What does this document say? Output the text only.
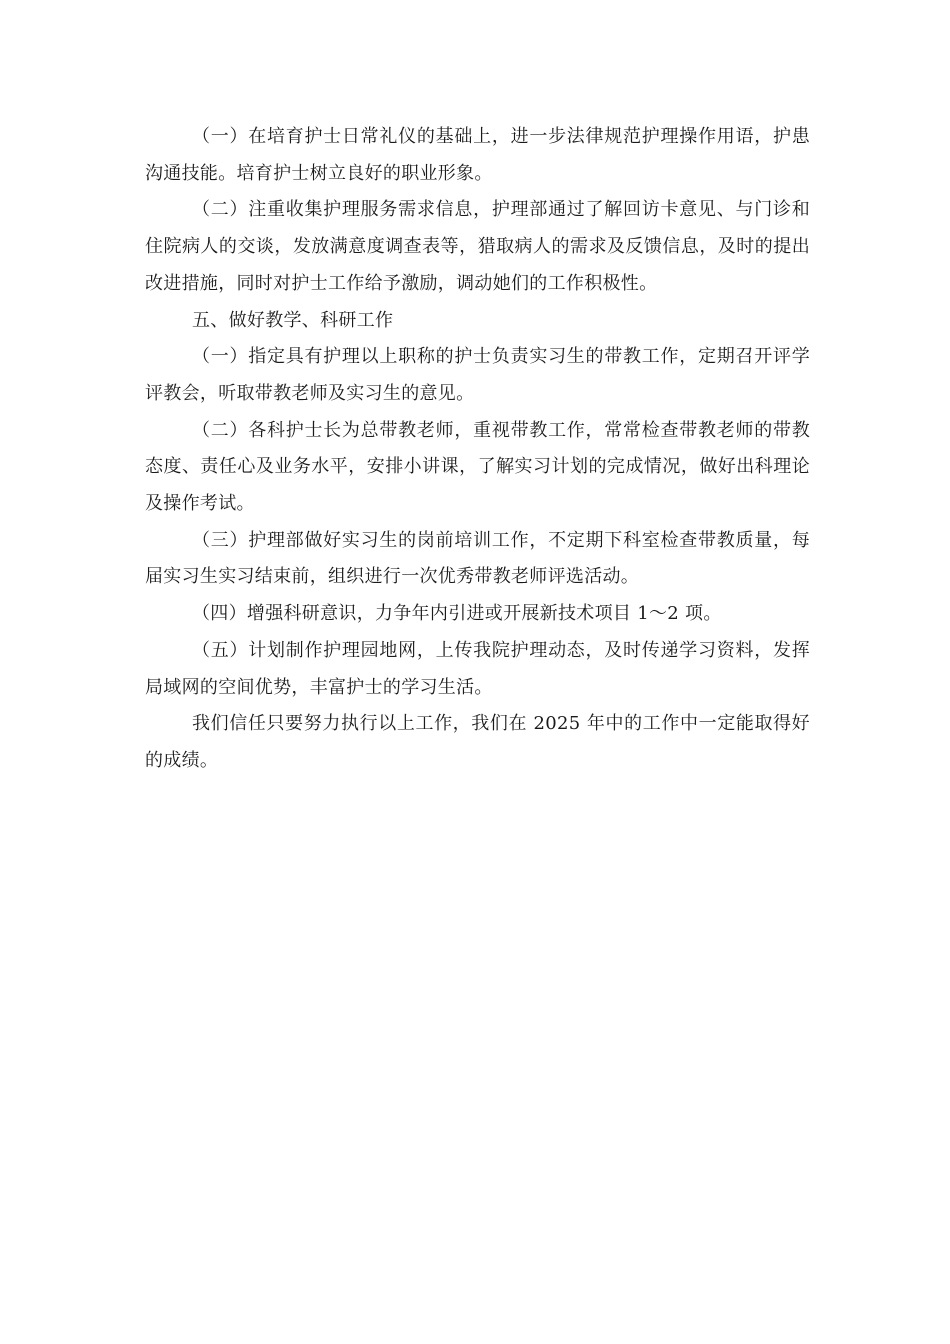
（一）在培育护士日常礼仪的基础上，进一步法律规范护理操作用语，护患沟通技能。培育护士树立良好的职业形象。

（二）注重收集护理服务需求信息，护理部通过了解回访卡意见、与门诊和住院病人的交谈，发放满意度调查表等，猎取病人的需求及反馈信息，及时的提出改进措施，同时对护士工作给予激励，调动她们的工作积极性。

五、做好教学、科研工作

（一）指定具有护理以上职称的护士负责实习生的带教工作，定期召开评学评教会，听取带教老师及实习生的意见。

（二）各科护士长为总带教老师，重视带教工作，常常检查带教老师的带教态度、责任心及业务水平，安排小讲课，了解实习计划的完成情况，做好出科理论及操作考试。

（三）护理部做好实习生的岗前培训工作，不定期下科室检查带教质量，每届实习生实习结束前，组织进行一次优秀带教老师评选活动。

（四）增强科研意识，力争年内引进或开展新技术项目 1～2 项。

（五）计划制作护理园地网，上传我院护理动态，及时传递学习资料，发挥局域网的空间优势，丰富护士的学习生活。

我们信任只要努力执行以上工作，我们在 2025 年中的工作中一定能取得好的成绩。
